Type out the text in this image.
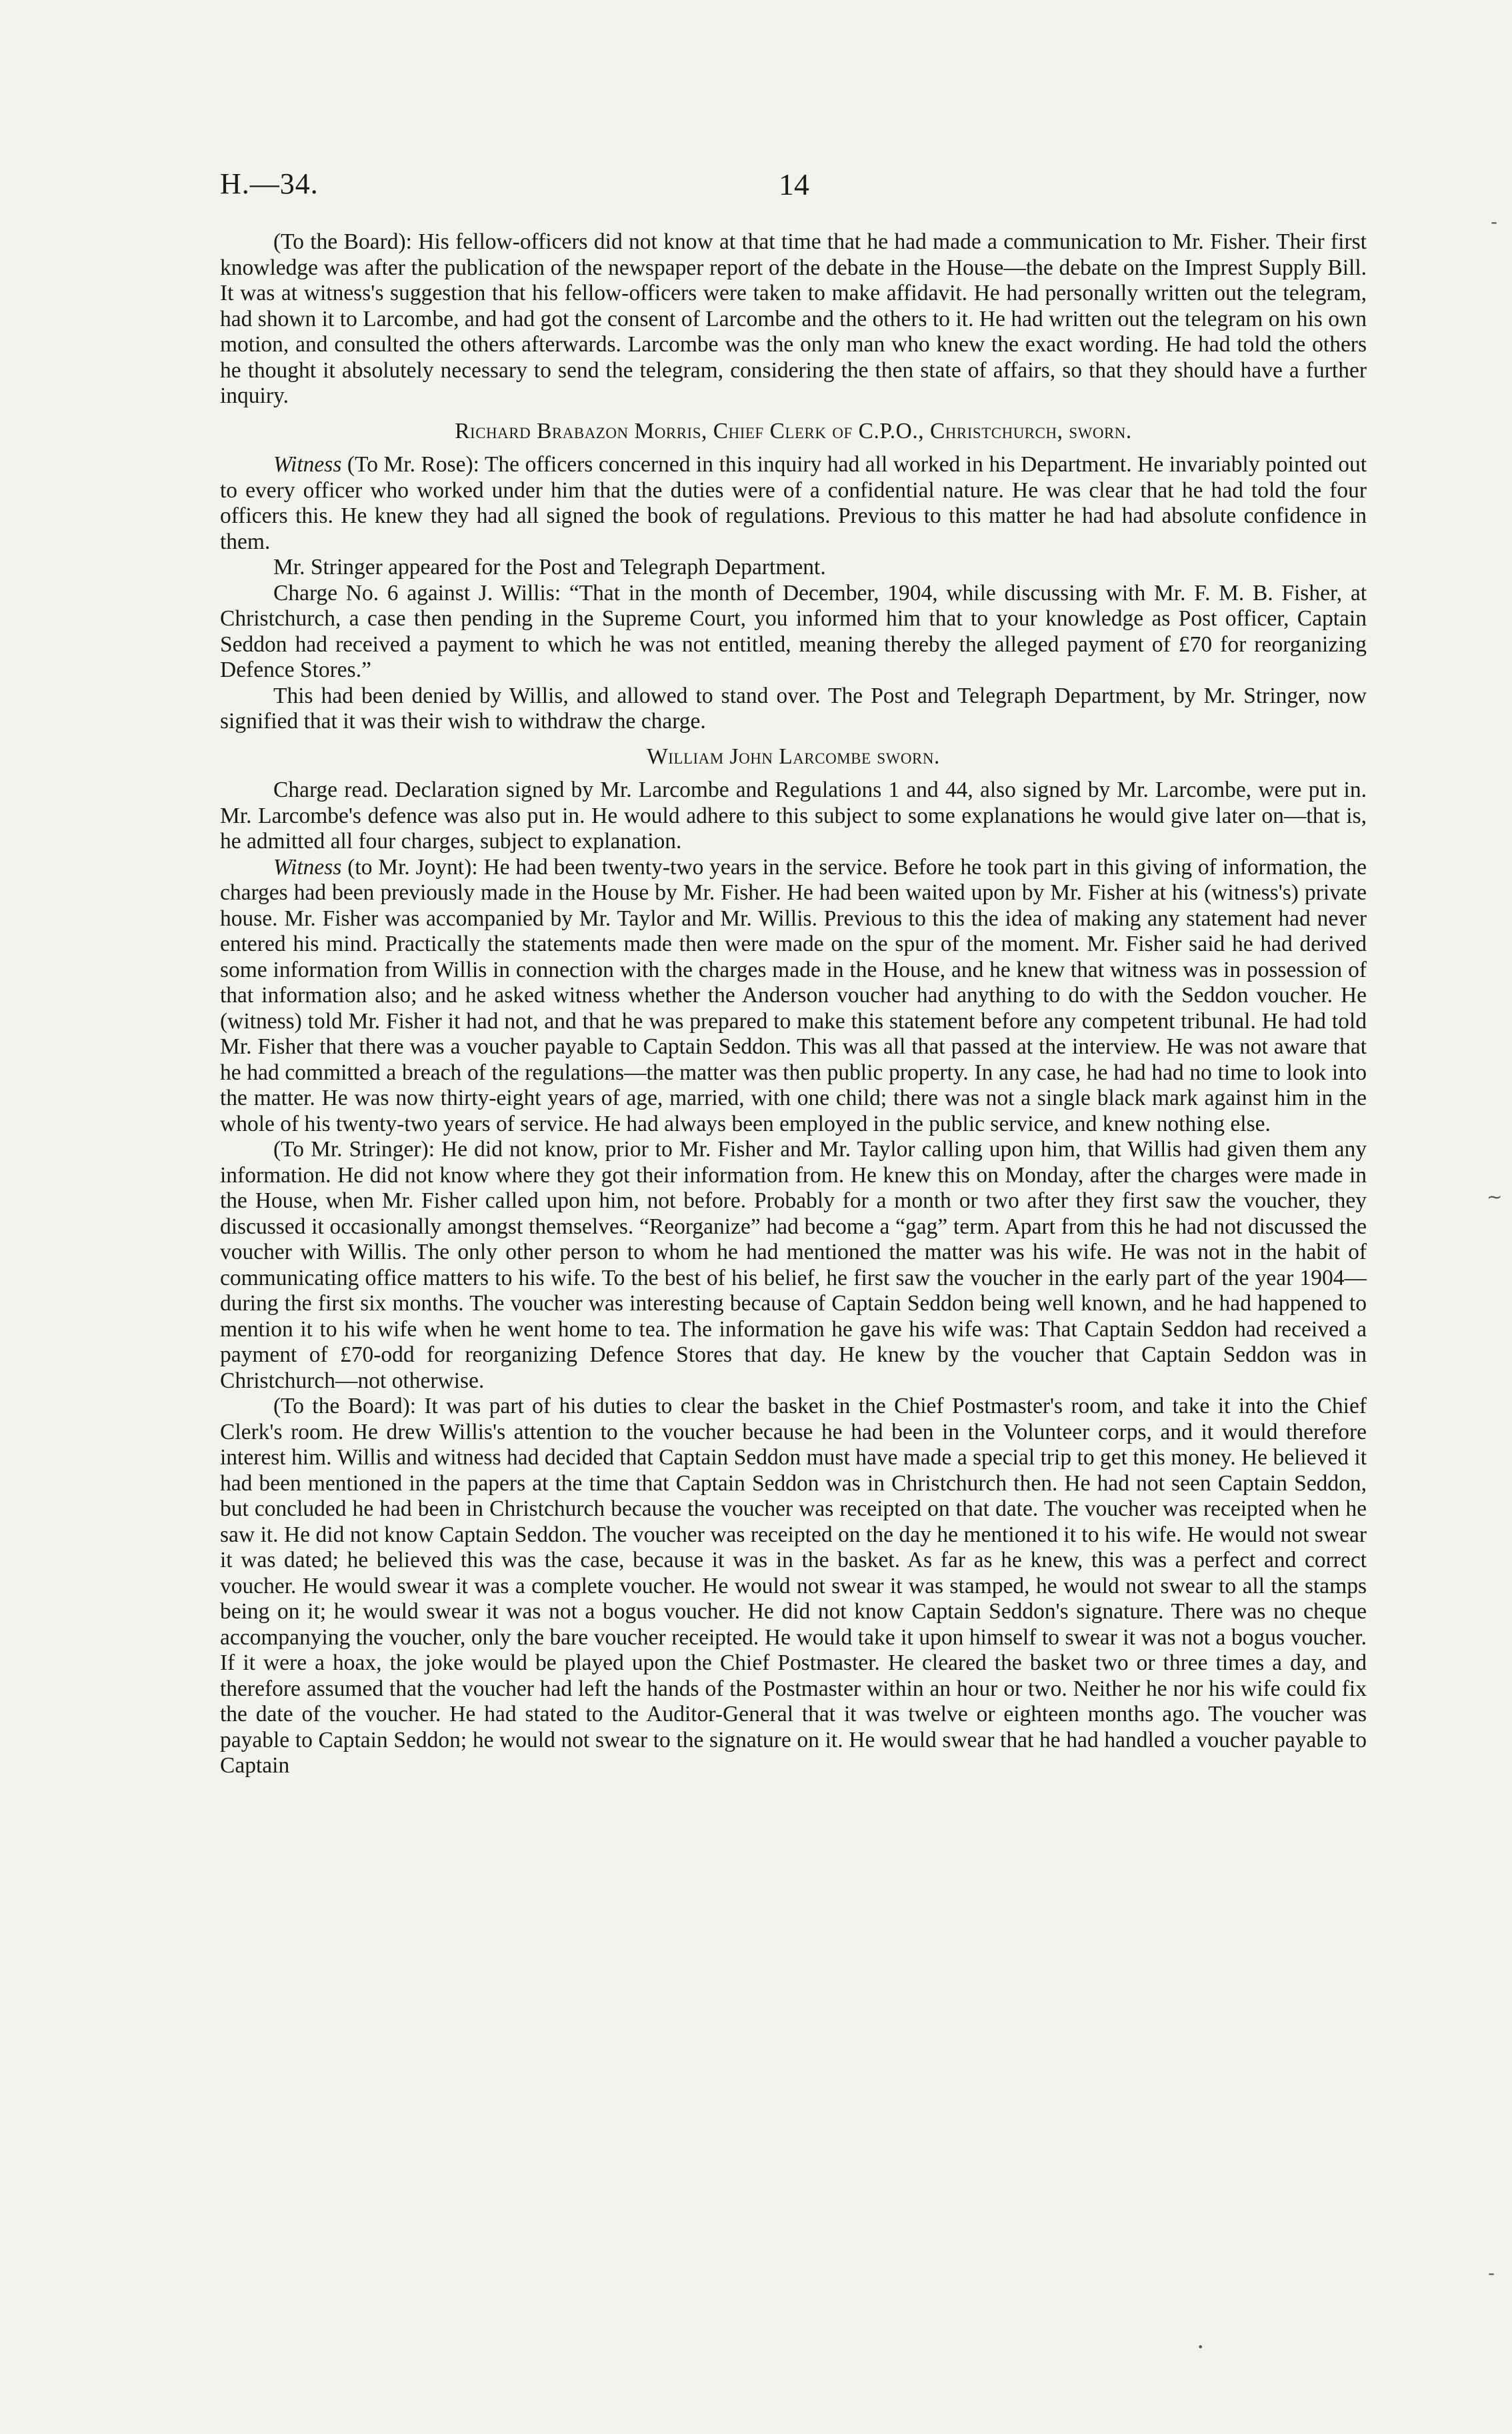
H.—34.	14

(To the Board): His fellow-officers did not know at that time that he had made a communication to Mr. Fisher. Their first knowledge was after the publication of the newspaper report of the debate in the House—the debate on the Imprest Supply Bill. It was at witness's suggestion that his fellow-officers were taken to make affidavit. He had personally written out the telegram, had shown it to Larcombe, and had got the consent of Larcombe and the others to it. He had written out the telegram on his own motion, and consulted the others afterwards. Larcombe was the only man who knew the exact wording. He had told the others he thought it absolutely necessary to send the telegram, considering the then state of affairs, so that they should have a further inquiry.

Richard Brabazon Morris, Chief Clerk of C.P.O., Christchurch, sworn.

Witness (To Mr. Rose): The officers concerned in this inquiry had all worked in his Department. He invariably pointed out to every officer who worked under him that the duties were of a confidential nature. He was clear that he had told the four officers this. He knew they had all signed the book of regulations. Previous to this matter he had had absolute confidence in them.

Mr. Stringer appeared for the Post and Telegraph Department.

Charge No. 6 against J. Willis: “That in the month of December, 1904, while discussing with Mr. F. M. B. Fisher, at Christchurch, a case then pending in the Supreme Court, you informed him that to your knowledge as Post officer, Captain Seddon had received a payment to which he was not entitled, meaning thereby the alleged payment of £70 for reorganizing Defence Stores.”

This had been denied by Willis, and allowed to stand over. The Post and Telegraph Department, by Mr. Stringer, now signified that it was their wish to withdraw the charge.

William John Larcombe sworn.

Charge read. Declaration signed by Mr. Larcombe and Regulations 1 and 44, also signed by Mr. Larcombe, were put in. Mr. Larcombe's defence was also put in. He would adhere to this subject to some explanations he would give later on—that is, he admitted all four charges, subject to explanation.

Witness (to Mr. Joynt): He had been twenty-two years in the service. Before he took part in this giving of information, the charges had been previously made in the House by Mr. Fisher. He had been waited upon by Mr. Fisher at his (witness's) private house. Mr. Fisher was accompanied by Mr. Taylor and Mr. Willis. Previous to this the idea of making any statement had never entered his mind. Practically the statements made then were made on the spur of the moment. Mr. Fisher said he had derived some information from Willis in connection with the charges made in the House, and he knew that witness was in possession of that information also; and he asked witness whether the Anderson voucher had anything to do with the Seddon voucher. He (witness) told Mr. Fisher it had not, and that he was prepared to make this statement before any competent tribunal. He had told Mr. Fisher that there was a voucher payable to Captain Seddon. This was all that passed at the interview. He was not aware that he had committed a breach of the regulations—the matter was then public property. In any case, he had had no time to look into the matter. He was now thirty-eight years of age, married, with one child; there was not a single black mark against him in the whole of his twenty-two years of service. He had always been employed in the public service, and knew nothing else.

(To Mr. Stringer): He did not know, prior to Mr. Fisher and Mr. Taylor calling upon him, that Willis had given them any information. He did not know where they got their information from. He knew this on Monday, after the charges were made in the House, when Mr. Fisher called upon him, not before. Probably for a month or two after they first saw the voucher, they discussed it occasionally amongst themselves. “Reorganize” had become a “gag” term. Apart from this he had not discussed the voucher with Willis. The only other person to whom he had mentioned the matter was his wife. He was not in the habit of communicating office matters to his wife. To the best of his belief, he first saw the voucher in the early part of the year 1904—during the first six months. The voucher was interesting because of Captain Seddon being well known, and he had happened to mention it to his wife when he went home to tea. The information he gave his wife was: That Captain Seddon had received a payment of £70-odd for reorganizing Defence Stores that day. He knew by the voucher that Captain Seddon was in Christchurch—not otherwise.

(To the Board): It was part of his duties to clear the basket in the Chief Postmaster's room, and take it into the Chief Clerk's room. He drew Willis's attention to the voucher because he had been in the Volunteer corps, and it would therefore interest him. Willis and witness had decided that Captain Seddon must have made a special trip to get this money. He believed it had been mentioned in the papers at the time that Captain Seddon was in Christchurch then. He had not seen Captain Seddon, but concluded he had been in Christchurch because the voucher was receipted on that date. The voucher was receipted when he saw it. He did not know Captain Seddon. The voucher was receipted on the day he mentioned it to his wife. He would not swear it was dated; he believed this was the case, because it was in the basket. As far as he knew, this was a perfect and correct voucher. He would swear it was a complete voucher. He would not swear it was stamped, he would not swear to all the stamps being on it; he would swear it was not a bogus voucher. He did not know Captain Seddon's signature. There was no cheque accompanying the voucher, only the bare voucher receipted. He would take it upon himself to swear it was not a bogus voucher. If it were a hoax, the joke would be played upon the Chief Postmaster. He cleared the basket two or three times a day, and therefore assumed that the voucher had left the hands of the Postmaster within an hour or two. Neither he nor his wife could fix the date of the voucher. He had stated to the Auditor-General that it was twelve or eighteen months ago. The voucher was payable to Captain Seddon; he would not swear to the signature on it. He would swear that he had handled a voucher payable to Captain

-
~
-
•
